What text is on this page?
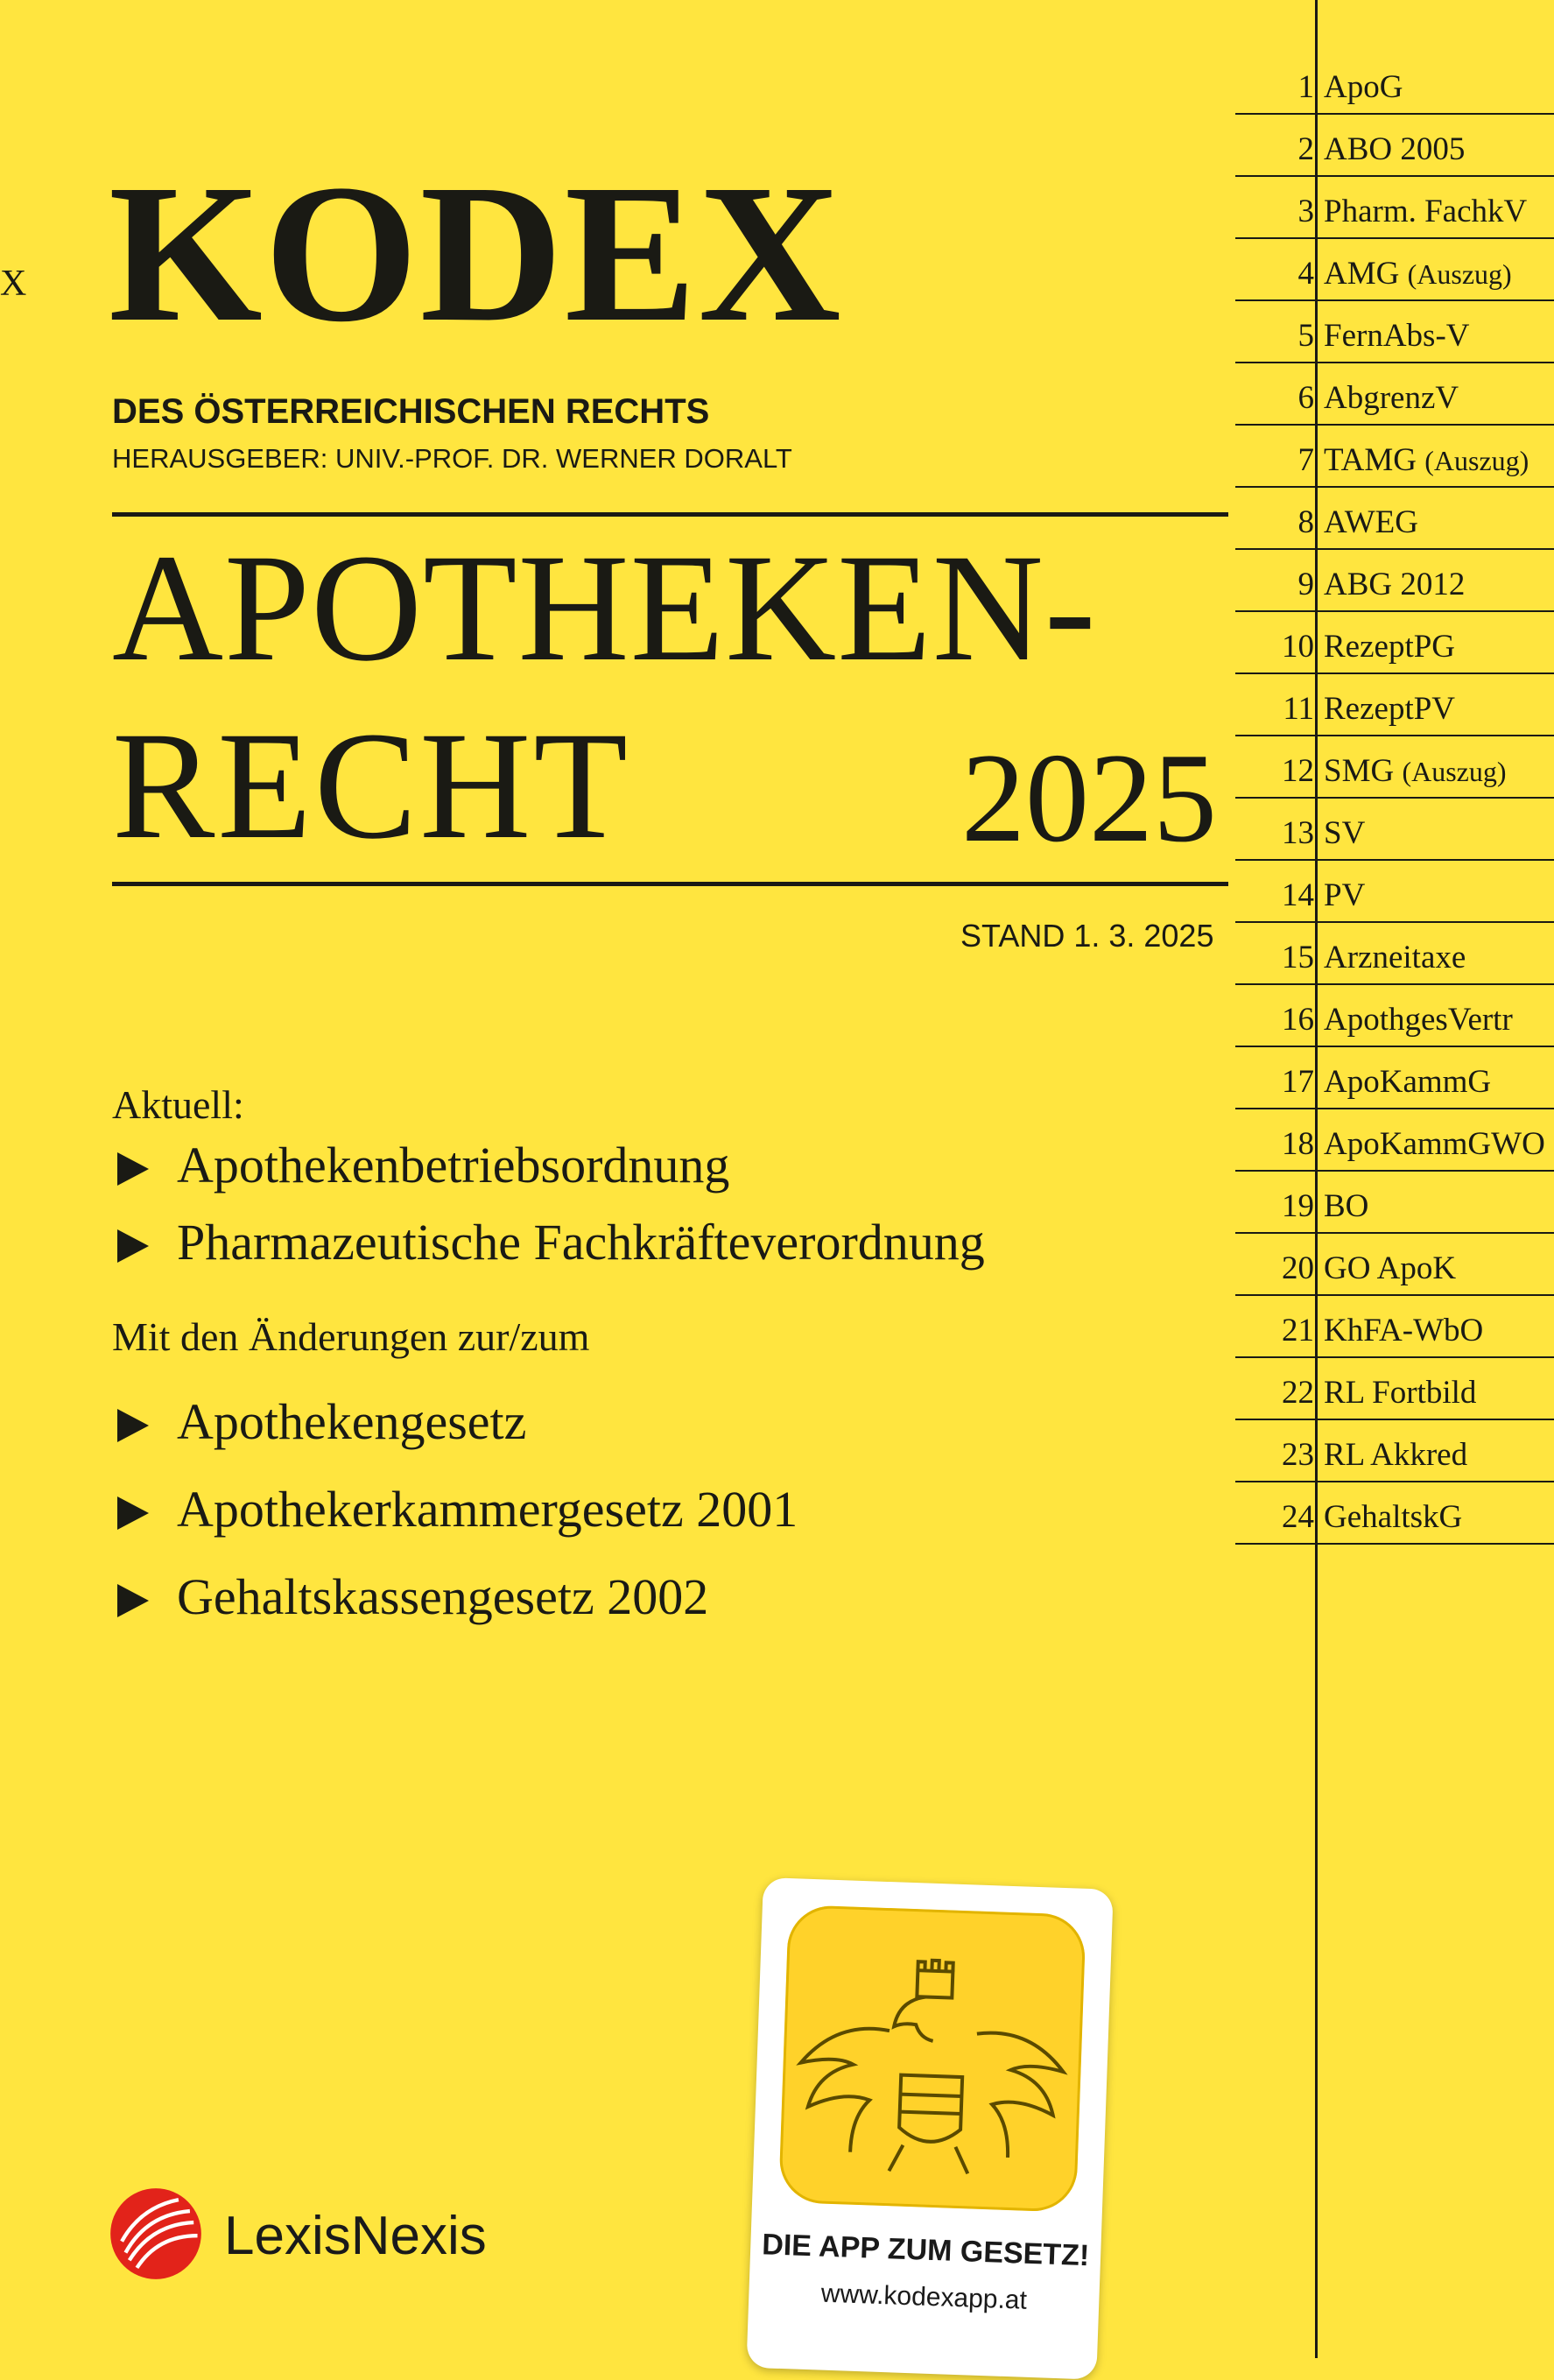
X KODEX
DES ÖSTERREICHISCHEN RECHTS
HERAUSGEBER: UNIV.-PROF. DR. WERNER DORALT
APOTHEKEN-
RECHT	2025
STAND 1. 3. 2025
Aktuell:
Apothekenbetriebsordnung
Pharmazeutische Fachkräfteverordnung
Mit den Änderungen zur/zum
Apothekengesetz
Apothekerkammergesetz 2001
Gehaltskassengesetz 2002
1 ApoG
2 ABO 2005
3 Pharm. FachkV
4 AMG (Auszug)
5 FernAbs-V
6 AbgrenzV
7 TAMG (Auszug)
8 AWEG
9 ABG 2012
10 RezeptPG
11 RezeptPV
12 SMG (Auszug)
13 SV
14 PV
15 Arzneitaxe
16 ApothgesVertr
17 ApoKammG
18 ApoKammGWO
19 BO
20 GO ApoK
21 KhFA-WbO
22 RL Fortbild
23 RL Akkred
24 GehaltskG
LexisNexis	DIE APP ZUM GESETZ!
www.kodexapp.at
